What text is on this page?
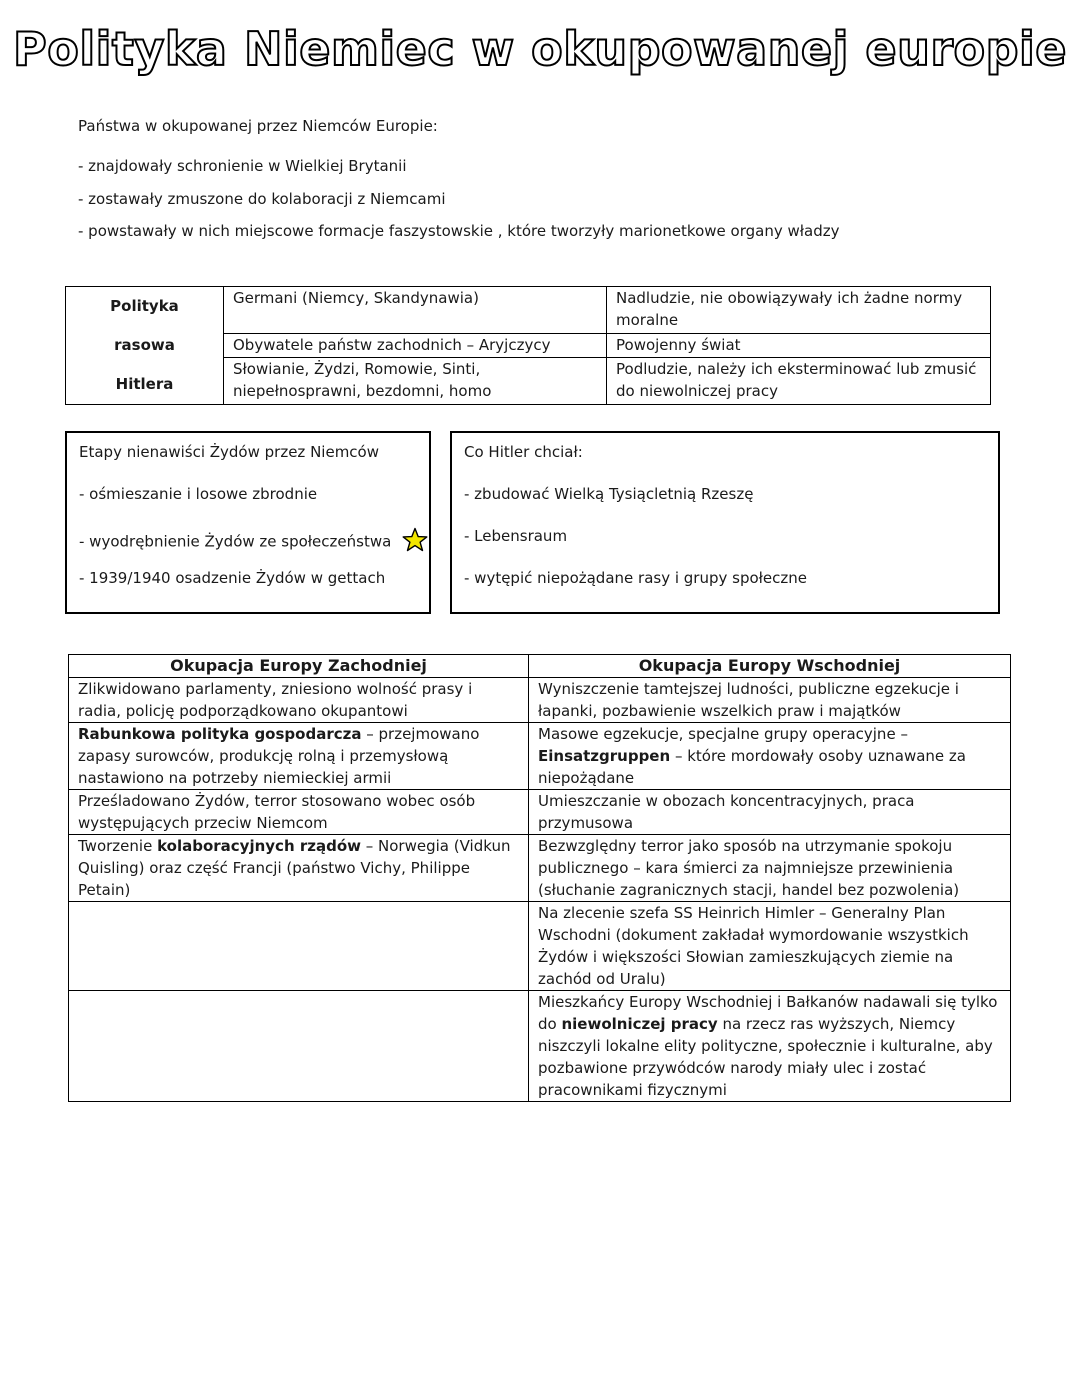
Polityka Niemiec w okupowanej europie
Państwa w okupowanej przez Niemców Europie:
- znajdowały schronienie w Wielkiej Brytanii
- zostawały zmuszone do kolaboracji z Niemcami
- powstawały w nich miejscowe formacje faszystowskie , które tworzyły marionetkowe organy władzy
Polityka
rasowa
Hitlera	Germani (Niemcy, Skandynawia)	Nadludzie, nie obowiązywały ich żadne normy moralne
	Obywatele państw zachodnich – Aryjczycy	Powojenny świat
	Słowianie, Żydzi, Romowie, Sinti, niepełnosprawni, bezdomni, homo	Podludzie, należy ich eksterminować lub zmusić do niewolniczej pracy
Etapy nienawiści Żydów przez Niemców
- ośmieszanie i losowe zbrodnie
- wyodrębnienie Żydów ze społeczeństwa
- 1939/1940 osadzenie Żydów w gettach
Co Hitler chciał:
- zbudować Wielką Tysiącletnią Rzeszę
- Lebensraum
- wytępić niepożądane rasy i grupy społeczne
Okupacja Europy Zachodniej	Okupacja Europy Wschodniej
Zlikwidowano parlamenty, zniesiono wolność prasy i radia, policję podporządkowano okupantowi	Wyniszczenie tamtejszej ludności, publiczne egzekucje i łapanki, pozbawienie wszelkich praw i majątków
Rabunkowa polityka gospodarcza – przejmowano zapasy surowców, produkcję rolną i przemysłową nastawiono na potrzeby niemieckiej armii	Masowe egzekucje, specjalne grupy operacyjne – Einsatzgruppen – które mordowały osoby uznawane za niepożądane
Prześladowano Żydów, terror stosowano wobec osób występujących przeciw Niemcom	Umieszczanie w obozach koncentracyjnych, praca przymusowa
Tworzenie kolaboracyjnych rządów – Norwegia (Vidkun Quisling) oraz część Francji (państwo Vichy, Philippe Petain)	Bezwzględny terror jako sposób na utrzymanie spokoju publicznego – kara śmierci za najmniejsze przewinienia (słuchanie zagranicznych stacji, handel bez pozwolenia)
	Na zlecenie szefa SS Heinrich Himler – Generalny Plan Wschodni (dokument zakładał wymordowanie wszystkich Żydów i większości Słowian zamieszkujących ziemie na zachód od Uralu)
	Mieszkańcy Europy Wschodniej i Bałkanów nadawali się tylko do niewolniczej pracy na rzecz ras wyższych, Niemcy niszczyli lokalne elity polityczne, społecznie i kulturalne, aby pozbawione przywódców narody miały ulec i zostać pracownikami fizycznymi
